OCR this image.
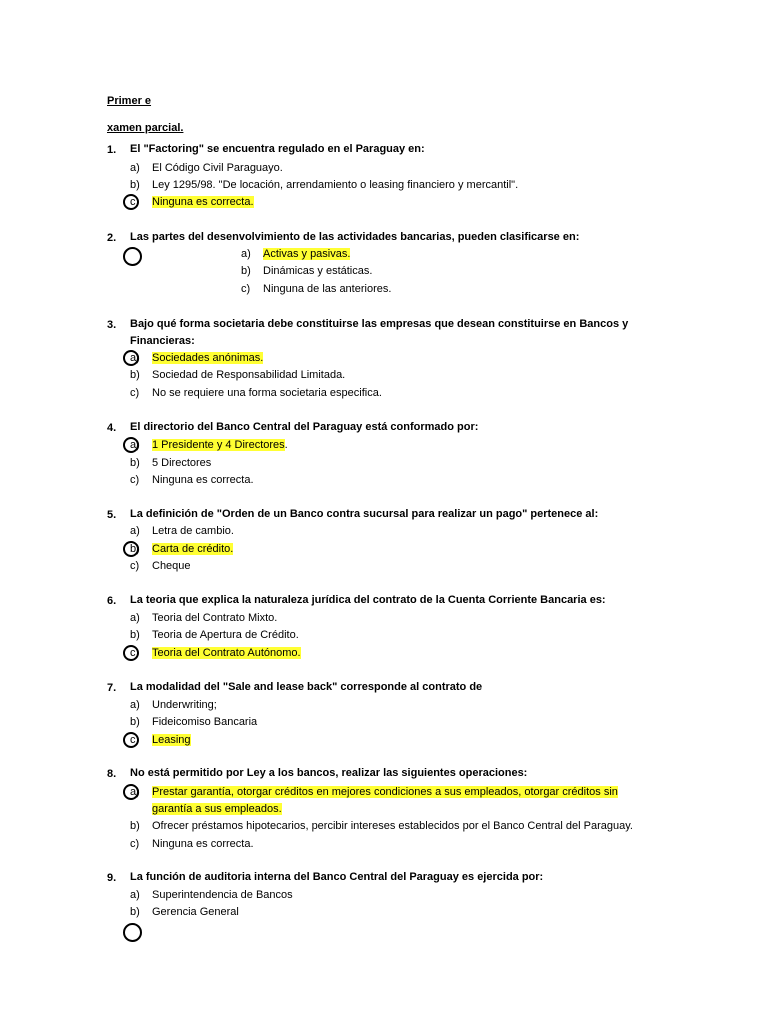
Primer e
xamen parcial.
1. El "Factoring" se encuentra regulado en el Paraguay en:
a) El Código Civil Paraguayo.
b) Ley 1295/98. "De locación, arrendamiento o leasing financiero y mercantil".
c) Ninguna es correcta.
2. Las partes del desenvolvimiento de las actividades bancarias, pueden clasificarse en:
a) Activas y pasivas.
b) Dinámicas y estáticas.
c) Ninguna de las anteriores.
3. Bajo qué forma societaria debe constituirse las empresas que desean constituirse en Bancos y Financieras:
a) Sociedades anónimas.
b) Sociedad de Responsabilidad Limitada.
c) No se requiere una forma societaria especifica.
4. El directorio del Banco Central del Paraguay está conformado por:
a) 1 Presidente y 4 Directores.
b) 5 Directores
c) Ninguna es correcta.
5. La definición de "Orden de un Banco contra sucursal para realizar un pago" pertenece al:
a) Letra de cambio.
b) Carta de crédito.
c) Cheque
6. La teoria que explica la naturaleza jurídica del contrato de la Cuenta Corriente Bancaria es:
a) Teoria del Contrato Mixto.
b) Teoria de Apertura de Crédito.
c) Teoria del Contrato Autónomo.
7. La modalidad del "Sale and lease back" corresponde al contrato de
a) Underwriting;
b) Fideicomiso Bancaria
c) Leasing
8. No está permitido por Ley a los bancos, realizar las siguientes operaciones:
a) Prestar garantía, otorgar créditos en mejores condiciones a sus empleados, otorgar créditos sin
garantía a sus empleados.
b) Ofrecer préstamos hipotecarios, percibir intereses establecidos por el Banco Central del Paraguay.
c) Ninguna es correcta.
9. La función de auditoria interna del Banco Central del Paraguay es ejercida por:
a) Superintendencia de Bancos
b) Gerencia General
